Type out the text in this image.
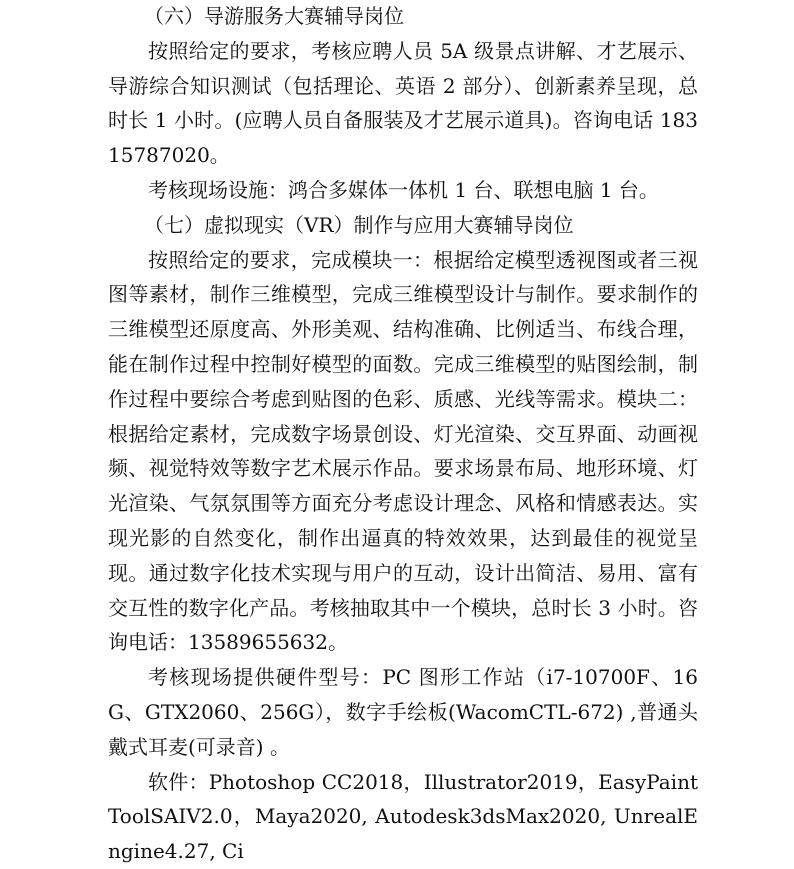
（六）导游服务大赛辅导岗位

按照给定的要求，考核应聘人员 5A 级景点讲解、才艺展示、导游综合知识测试（包括理论、英语 2 部分）、创新素养呈现，总时长 1 小时。(应聘人员自备服装及才艺展示道具)。咨询电话 18315787020。

考核现场设施：鸿合多媒体一体机 1 台、联想电脑 1 台。

（七）虚拟现实（VR）制作与应用大赛辅导岗位

按照给定的要求，完成模块一：根据给定模型透视图或者三视图等素材，制作三维模型，完成三维模型设计与制作。要求制作的三维模型还原度高、外形美观、结构准确、比例适当、布线合理，能在制作过程中控制好模型的面数。完成三维模型的贴图绘制，制作过程中要综合考虑到贴图的色彩、质感、光线等需求。模块二：根据给定素材，完成数字场景创设、灯光渲染、交互界面、动画视频、视觉特效等数字艺术展示作品。要求场景布局、地形环境、灯光渲染、气氛氛围等方面充分考虑设计理念、风格和情感表达。实现光影的自然变化，制作出逼真的特效效果，达到最佳的视觉呈现。通过数字化技术实现与用户的互动，设计出简洁、易用、富有交互性的数字化产品。考核抽取其中一个模块，总时长 3 小时。咨询电话：13589655632。

考核现场提供硬件型号：PC 图形工作站（i7-10700F、16G、GTX2060、256G），数字手绘板(WacomCTL-672) ,普通头戴式耳麦(可录音) 。

软件：Photoshop CC2018，Illustrator2019，EasyPaintToolSAIV2.0，Maya2020, Autodesk3dsMax2020, UnrealEngine4.27, Ci
